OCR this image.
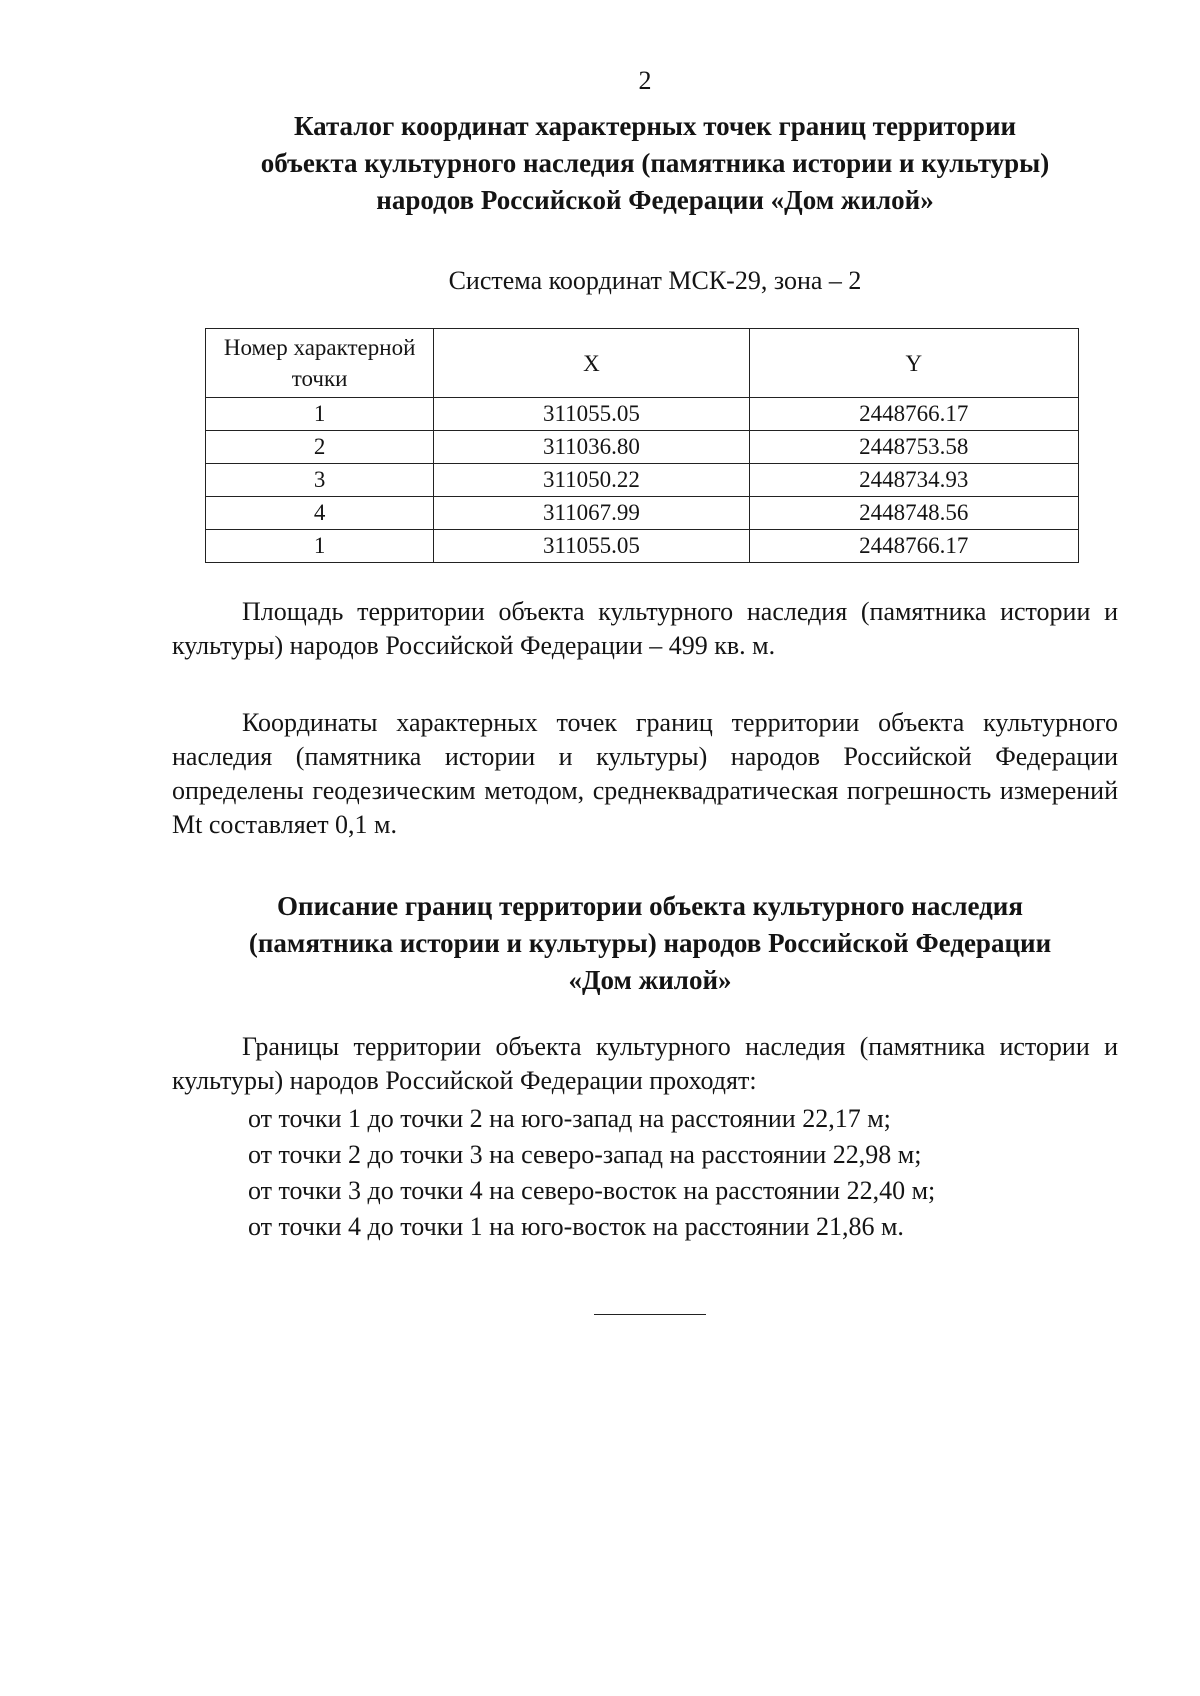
2
Каталог координат характерных точек границ территории
объекта культурного наследия (памятника истории и культуры)
народов Российской Федерации «Дом жилой»
Система координат МСК-29, зона – 2
Номер характерной точки	X	Y
1	311055.05	2448766.17
2	311036.80	2448753.58
3	311050.22	2448734.93
4	311067.99	2448748.56
1	311055.05	2448766.17

Площадь территории объекта культурного наследия (памятника истории и культуры) народов Российской Федерации – 499 кв. м.

Координаты характерных точек границ территории объекта культурного наследия (памятника истории и культуры) народов Российской Федерации определены геодезическим методом, среднеквадратическая погрешность измерений Mt составляет 0,1 м.

Описание границ территории объекта культурного наследия
(памятника истории и культуры) народов Российской Федерации
«Дом жилой»

Границы территории объекта культурного наследия (памятника истории и культуры) народов Российской Федерации проходят:

от точки 1 до точки 2 на юго-запад на расстоянии 22,17 м;
от точки 2 до точки 3 на северо-запад на расстоянии 22,98 м;
от точки 3 до точки 4 на северо-восток на расстоянии 22,40 м;
от точки 4 до точки 1 на юго-восток на расстоянии 21,86 м.
